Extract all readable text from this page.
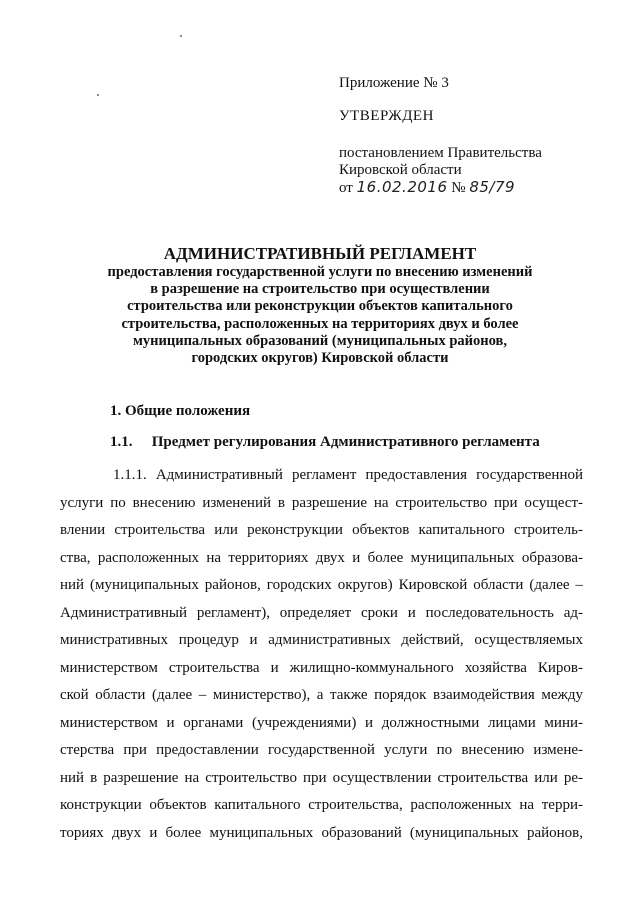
Приложение № 3
УТВЕРЖДЕН
постановлением Правительства
Кировской области
от 16.02.2016 № 85/79
АДМИНИСТРАТИВНЫЙ РЕГЛАМЕНТ
предоставления государственной услуги по внесению изменений
в разрешение на строительство при осуществлении
строительства или реконструкции объектов капитального
строительства, расположенных на территориях двух и более
муниципальных образований (муниципальных районов,
городских округов) Кировской области
1. Общие положения
1.1. Предмет регулирования Административного регламента
1.1.1. Административный регламент предоставления государственной
услуги по внесению изменений в разрешение на строительство при осущест-
влении строительства или реконструкции объектов капитального строитель-
ства, расположенных на территориях двух и более муниципальных образова-
ний (муниципальных районов, городских округов) Кировской области (далее –
Административный регламент), определяет сроки и последовательность ад-
министративных процедур и административных действий, осуществляемых
министерством строительства и жилищно-коммунального хозяйства Киров-
ской области (далее – министерство), а также порядок взаимодействия между
министерством и органами (учреждениями) и должностными лицами мини-
стерства при предоставлении государственной услуги по внесению измене-
ний в разрешение на строительство при осуществлении строительства или ре-
конструкции объектов капитального строительства, расположенных на терри-
ториях двух и более муниципальных образований (муниципальных районов,
